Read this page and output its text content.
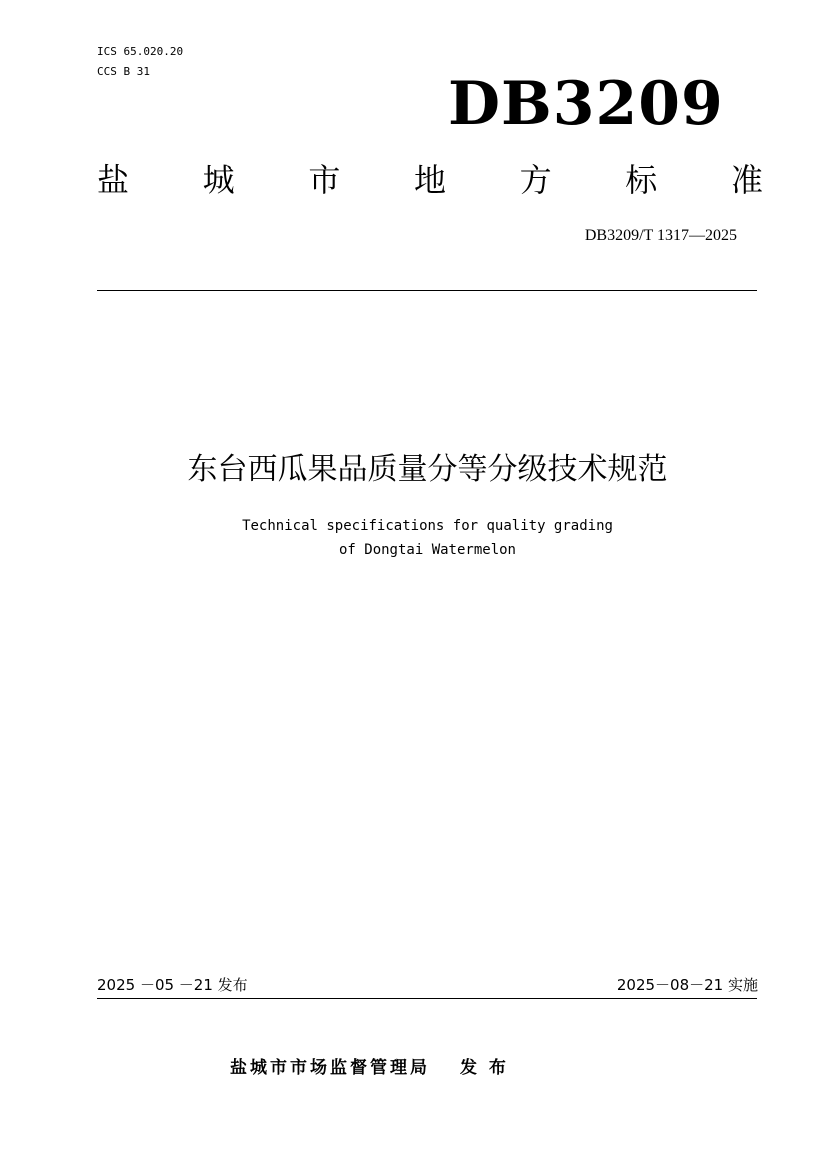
ICS 65.020.20
CCS B 31	DB3209
盐 城 市 地 方 标 准
DB3209/T 1317—2025
东台西瓜果品质量分等分级技术规范
Technical specifications for quality grading
of Dongtai Watermelon
2025 －05 －21 发布	2025－08－21 实施
盐城市市场监督管理局 发 布
